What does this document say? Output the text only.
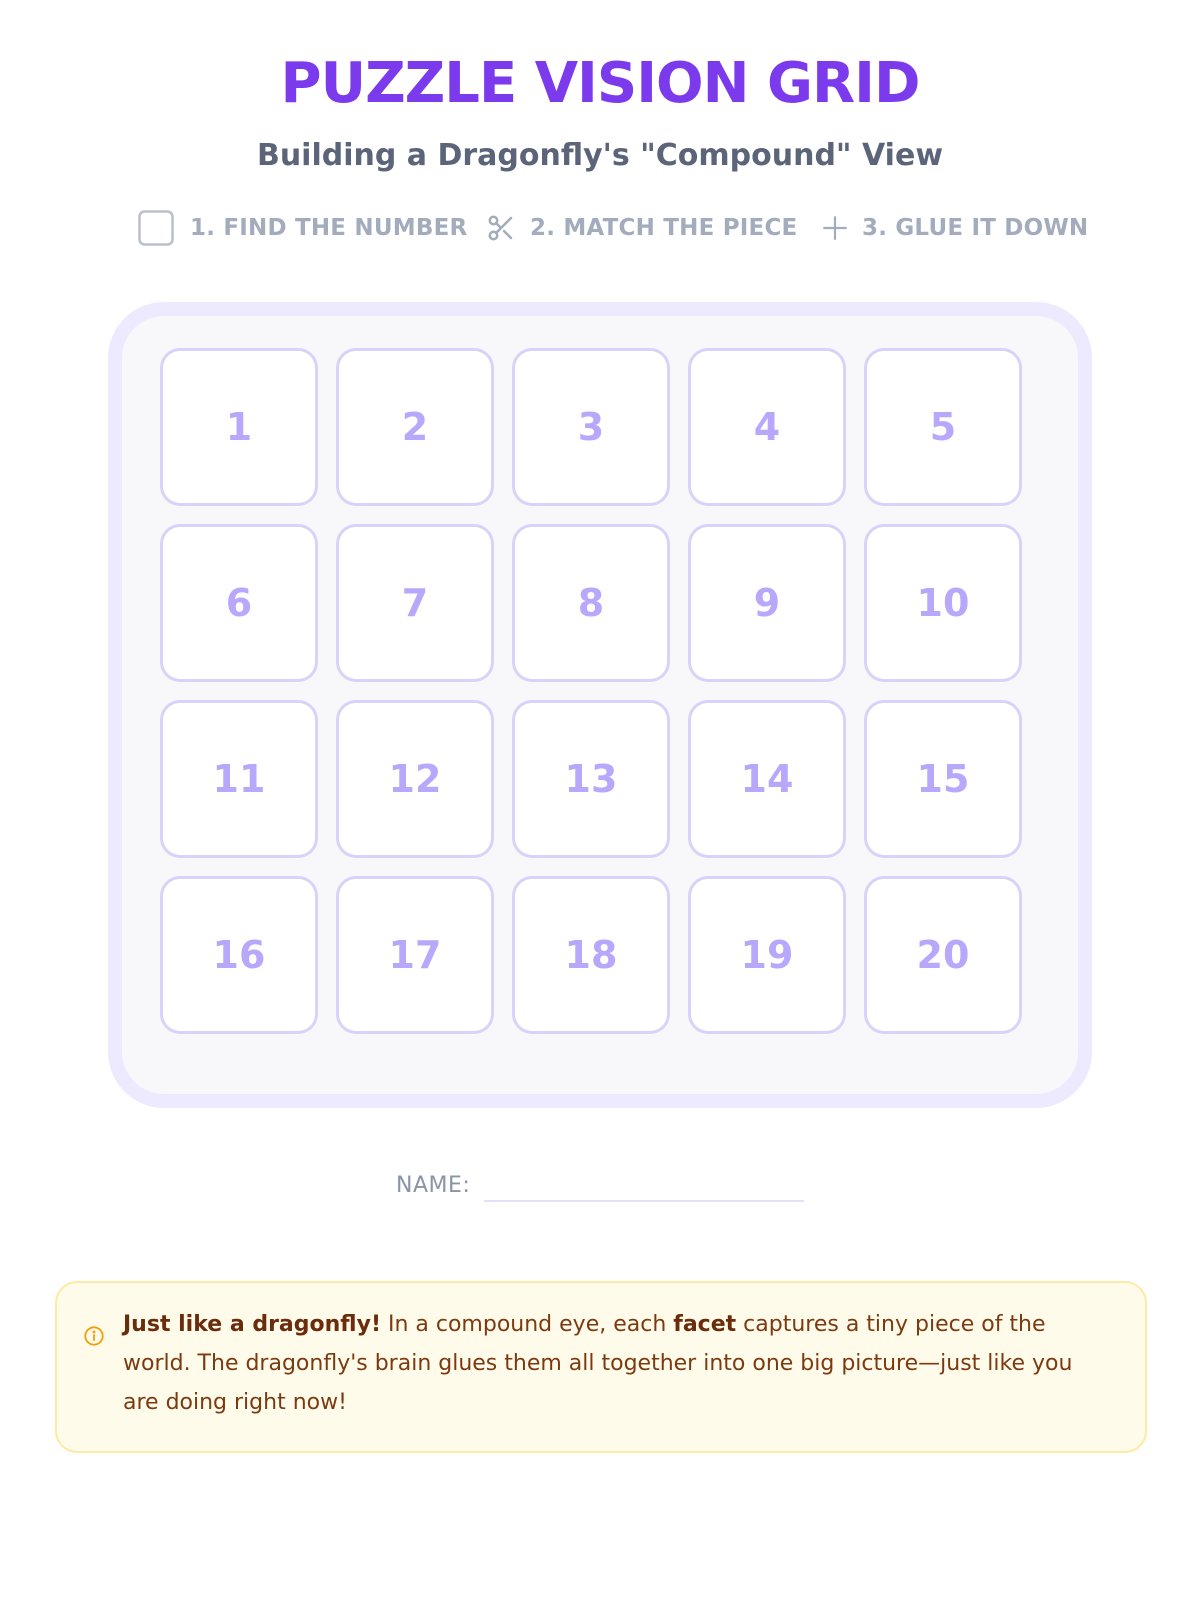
PUZZLE VISION GRID
Building a Dragonfly's "Compound" View
1. FIND THE NUMBER	2. MATCH THE PIECE	3. GLUE IT DOWN
1	2	3	4	5
6	7	8	9	10
11	12	13	14	15
16	17	18	19	20
NAME:
Just like a dragonfly! In a compound eye, each facet captures a tiny piece of the world. The dragonfly's brain glues them all together into one big picture—just like you are doing right now!
